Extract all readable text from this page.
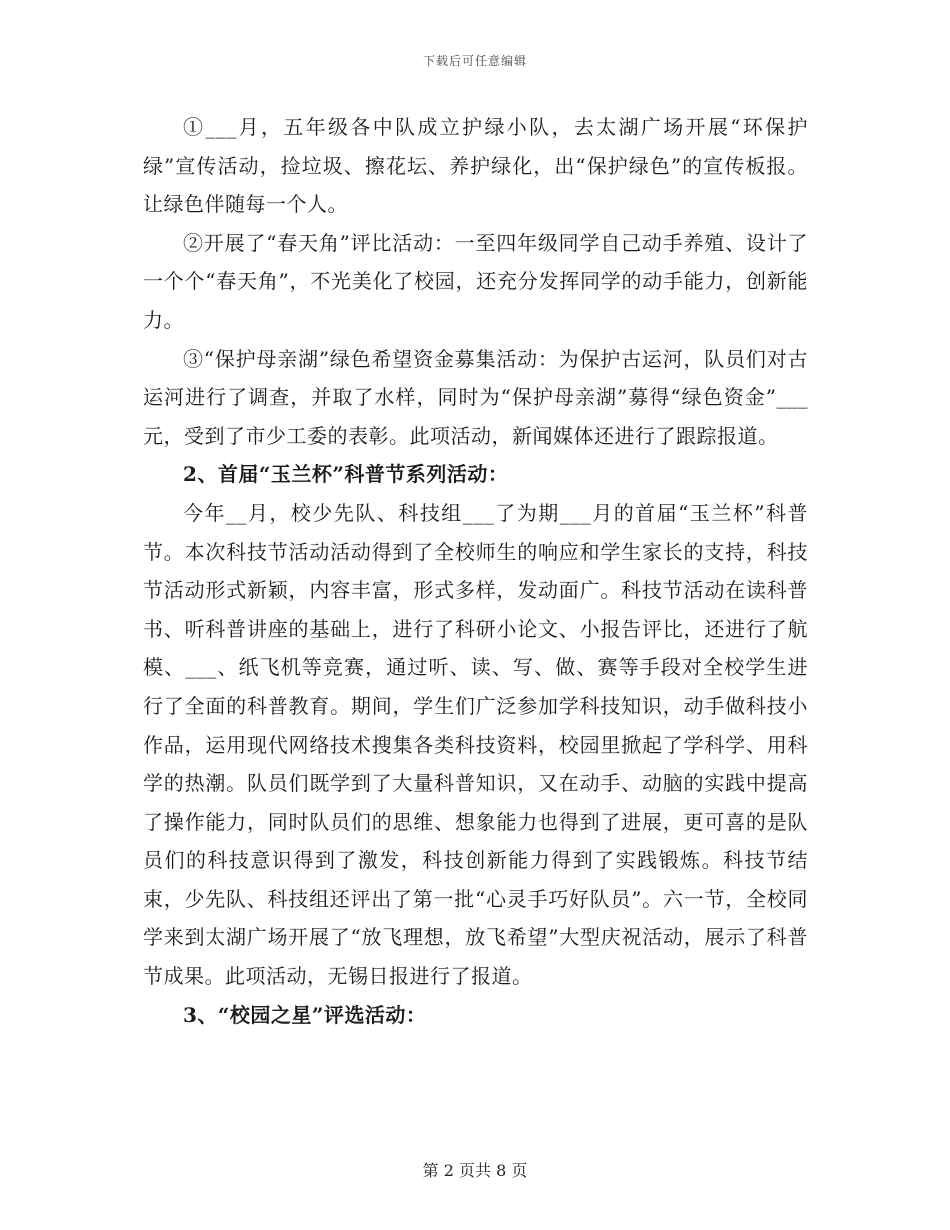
下载后可任意编辑

①___月，五年级各中队成立护绿小队，去太湖广场开展“环保护绿”宣传活动，捡垃圾、擦花坛、养护绿化，出“保护绿色”的宣传板报。让绿色伴随每一个人。

②开展了“春天角”评比活动：一至四年级同学自己动手养殖、设计了一个个“春天角”，不光美化了校园，还充分发挥同学的动手能力，创新能力。

③“保护母亲湖”绿色希望资金募集活动：为保护古运河，队员们对古运河进行了调查，并取了水样，同时为“保护母亲湖”募得“绿色资金”___元，受到了市少工委的表彰。此项活动，新闻媒体还进行了跟踪报道。

2、首届“玉兰杯”科普节系列活动：

今年__月，校少先队、科技组___了为期___月的首届“玉兰杯”科普节。本次科技节活动活动得到了全校师生的响应和学生家长的支持，科技节活动形式新颖，内容丰富，形式多样，发动面广。科技节活动在读科普书、听科普讲座的基础上，进行了科研小论文、小报告评比，还进行了航模、___、纸飞机等竞赛，通过听、读、写、做、赛等手段对全校学生进行了全面的科普教育。期间，学生们广泛参加学科技知识，动手做科技小作品，运用现代网络技术搜集各类科技资料，校园里掀起了学科学、用科学的热潮。队员们既学到了大量科普知识，又在动手、动脑的实践中提高了操作能力，同时队员们的思维、想象能力也得到了进展，更可喜的是队员们的科技意识得到了激发，科技创新能力得到了实践锻炼。科技节结束，少先队、科技组还评出了第一批“心灵手巧好队员”。六一节，全校同学来到太湖广场开展了“放飞理想，放飞希望”大型庆祝活动，展示了科普节成果。此项活动，无锡日报进行了报道。

3、“校园之星”评选活动：

第 2 页共 8 页
